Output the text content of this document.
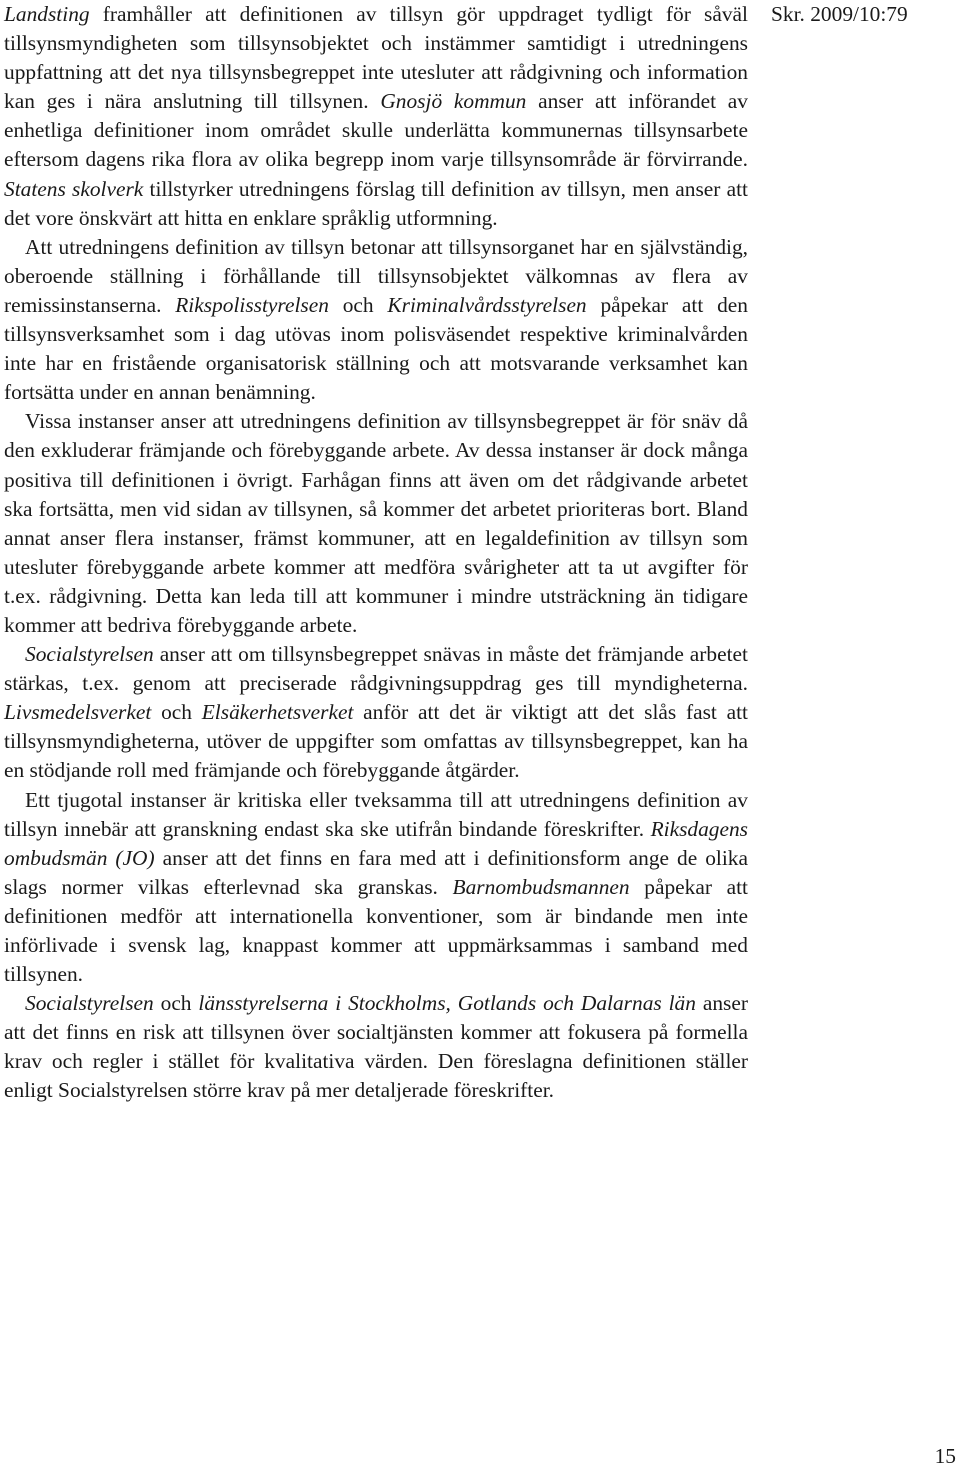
Landsting framhåller att definitionen av tillsyn gör uppdraget tydligt för såväl tillsynsmyndigheten som tillsynsobjektet och instämmer samtidigt i utredningens uppfattning att det nya tillsynsbegreppet inte utesluter att rådgivning och information kan ges i nära anslutning till tillsynen. Gnosjö kommun anser att införandet av enhetliga definitioner inom området skulle underlätta kommunernas tillsynsarbete eftersom dagens rika flora av olika begrepp inom varje tillsynsområde är förvirrande. Statens skolverk tillstyrker utredningens förslag till definition av tillsyn, men anser att det vore önskvärt att hitta en enklare språklig utformning.

Att utredningens definition av tillsyn betonar att tillsynsorganet har en självständig, oberoende ställning i förhållande till tillsynsobjektet välkomnas av flera av remissinstanserna. Rikspolisstyrelsen och Kriminalvårdsstyrelsen påpekar att den tillsynsverksamhet som i dag utövas inom polisväsendet respektive kriminalvården inte har en fristående organisatorisk ställning och att motsvarande verksamhet kan fortsätta under en annan benämning.

Vissa instanser anser att utredningens definition av tillsynsbegreppet är för snäv då den exkluderar främjande och förebyggande arbete. Av dessa instanser är dock många positiva till definitionen i övrigt. Farhågan finns att även om det rådgivande arbetet ska fortsätta, men vid sidan av tillsynen, så kommer det arbetet prioriteras bort. Bland annat anser flera instanser, främst kommuner, att en legaldefinition av tillsyn som utesluter förebyggande arbete kommer att medföra svårigheter att ta ut avgifter för t.ex. rådgivning. Detta kan leda till att kommuner i mindre utsträckning än tidigare kommer att bedriva förebyggande arbete.

Socialstyrelsen anser att om tillsynsbegreppet snävas in måste det främjande arbetet stärkas, t.ex. genom att preciserade rådgivningsuppdrag ges till myndigheterna. Livsmedelsverket och Elsäkerhetsverket anför att det är viktigt att det slås fast att tillsynsmyndigheterna, utöver de uppgifter som omfattas av tillsynsbegreppet, kan ha en stödjande roll med främjande och förebyggande åtgärder.

Ett tjugotal instanser är kritiska eller tveksamma till att utredningens definition av tillsyn innebär att granskning endast ska ske utifrån bindande föreskrifter. Riksdagens ombudsmän (JO) anser att det finns en fara med att i definitionsform ange de olika slags normer vilkas efterlevnad ska granskas. Barnombudsmannen påpekar att definitionen medför att internationella konventioner, som är bindande men inte införlivade i svensk lag, knappast kommer att uppmärksammas i samband med tillsynen.

Socialstyrelsen och länsstyrelserna i Stockholms, Gotlands och Dalarnas län anser att det finns en risk att tillsynen över socialtjänsten kommer att fokusera på formella krav och regler i stället för kvalitativa värden. Den föreslagna definitionen ställer enligt Socialstyrelsen större krav på mer detaljerade föreskrifter.

Skr. 2009/10:79
15
